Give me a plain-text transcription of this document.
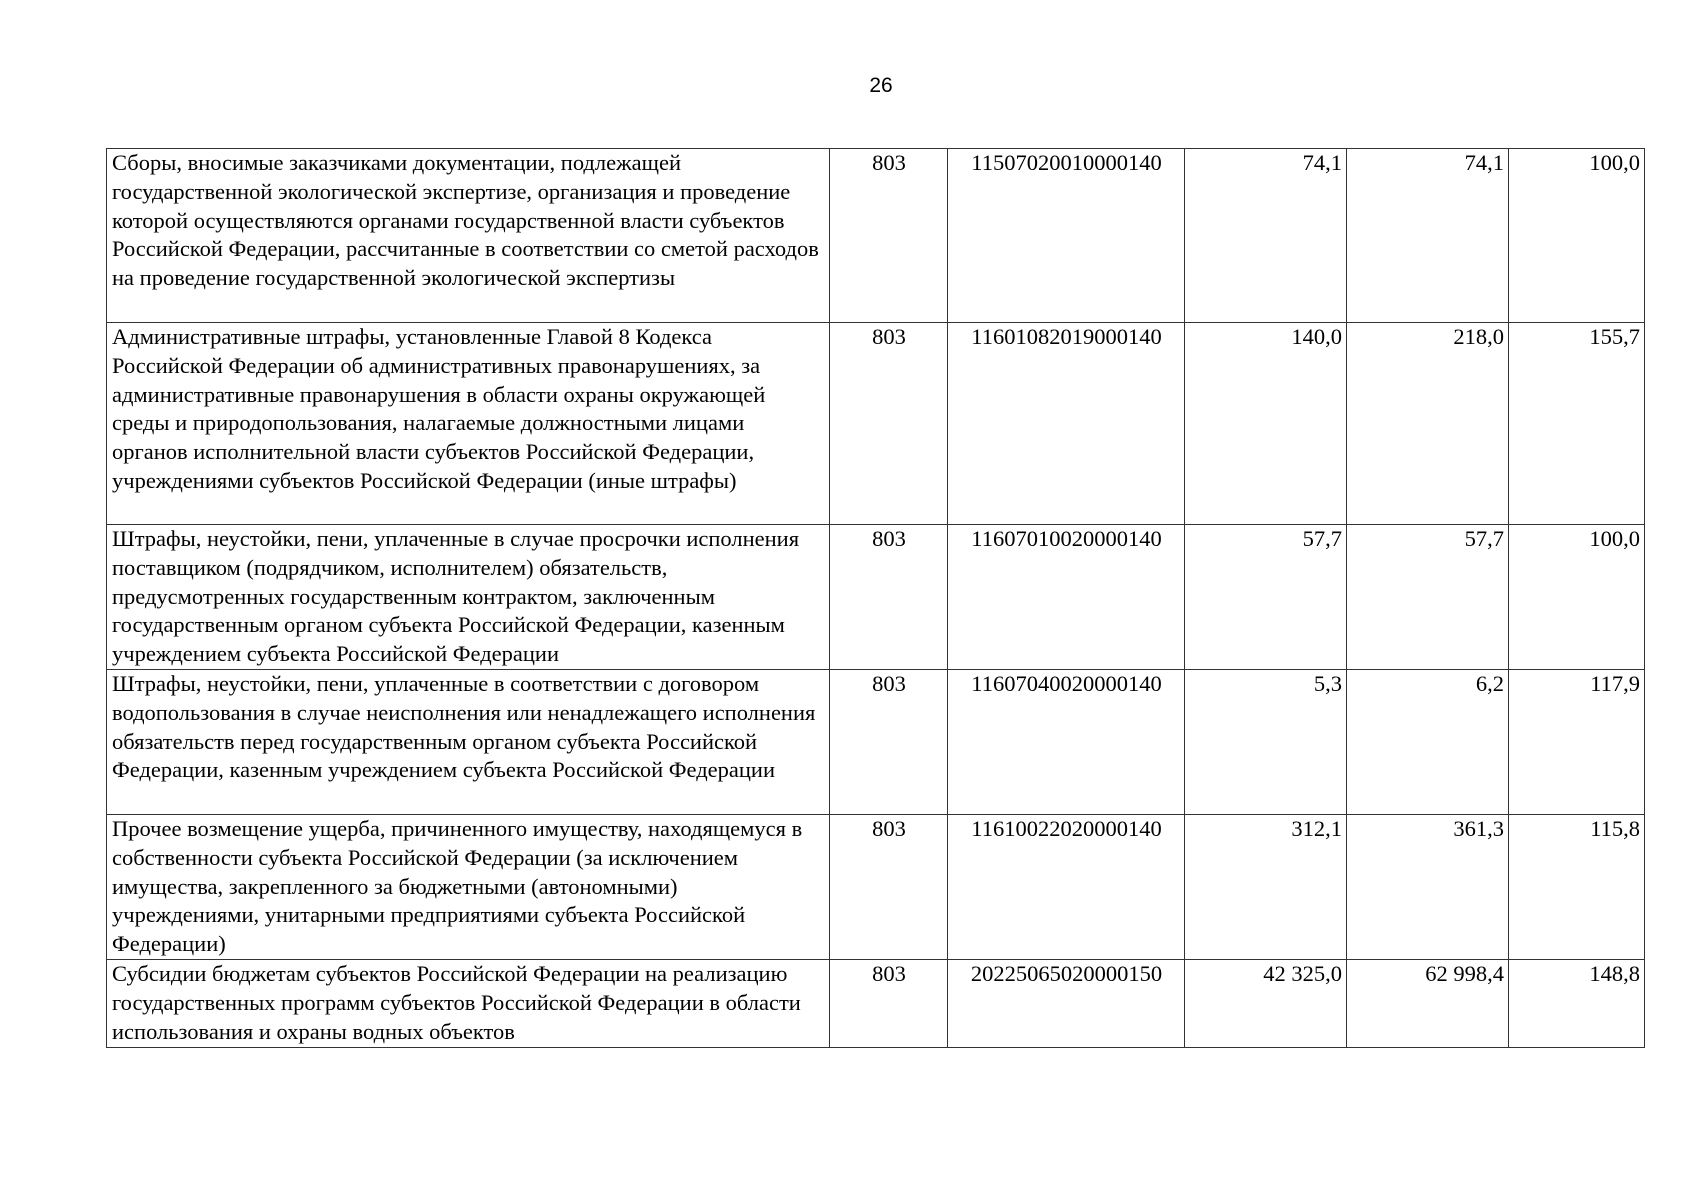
26
Сборы, вносимые заказчиками документации, подлежащей государственной экологической экспертизе, организация и проведение которой осуществляются органами государственной власти субъектов Российской Федерации, рассчитанные в соответствии со сметой расходов на проведение государственной экологической экспертизы	803	11507020010000140	74,1	74,1	100,0
Административные штрафы, установленные Главой 8 Кодекса Российской Федерации об административных правонарушениях, за административные правонарушения в области охраны окружающей среды и природопользования, налагаемые должностными лицами органов исполнительной власти субъектов Российской Федерации, учреждениями субъектов Российской Федерации (иные штрафы)	803	11601082019000140	140,0	218,0	155,7
Штрафы, неустойки, пени, уплаченные в случае просрочки исполнения поставщиком (подрядчиком, исполнителем) обязательств, предусмотренных государственным контрактом, заключенным государственным органом субъекта Российской Федерации, казенным учреждением субъекта Российской Федерации	803	11607010020000140	57,7	57,7	100,0
Штрафы, неустойки, пени, уплаченные в соответствии с договором водопользования в случае неисполнения или ненадлежащего исполнения обязательств перед государственным органом субъекта Российской Федерации, казенным учреждением субъекта Российской Федерации	803	11607040020000140	5,3	6,2	117,9
Прочее возмещение ущерба, причиненного имуществу, находящемуся в собственности субъекта Российской Федерации (за исключением имущества, закрепленного за бюджетными (автономными) учреждениями, унитарными предприятиями субъекта Российской Федерации)	803	11610022020000140	312,1	361,3	115,8
Субсидии бюджетам субъектов Российской Федерации на реализацию государственных программ субъектов Российской Федерации в области использования и охраны водных объектов	803	20225065020000150	42 325,0	62 998,4	148,8
